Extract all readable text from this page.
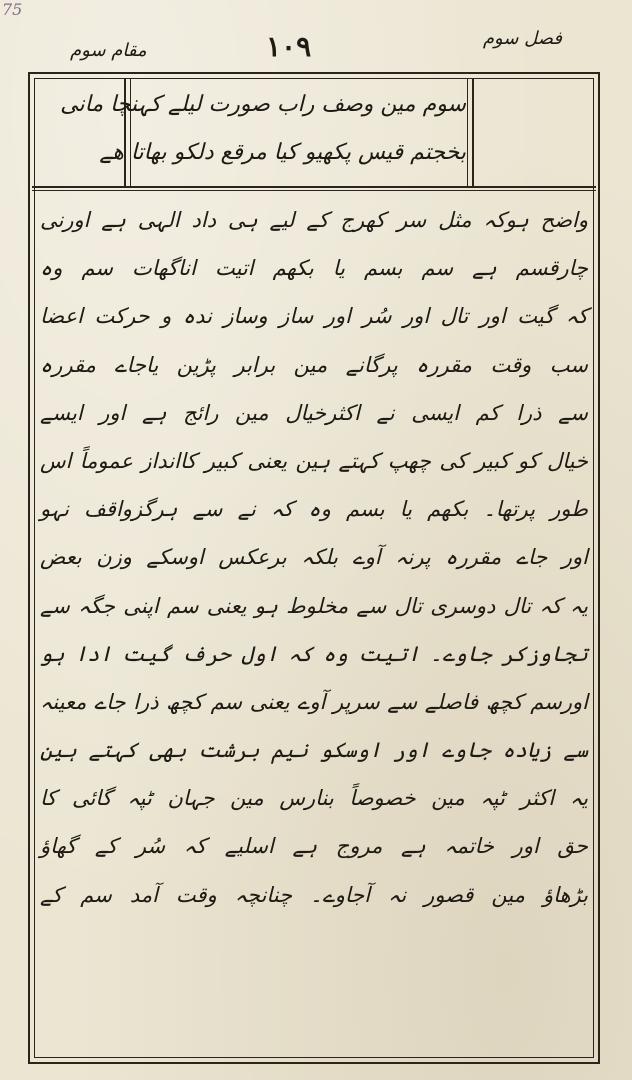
75
فصل سوم
١٠٩
مقام سوم
سوم مین وصف راب صورت لیلے کہنچا مانی
بخجتم قیس پکھیو کیا مرقع دلکو بھاتا ھے
واضح ہوکہ مثل سر کھرج کے لیے ہی داد الہی ہے اورنی
چارقسم ہے سم بسم یا بکھم اتیت اناگھات سم وہ
کہ گیت اور تال اور سُر اور ساز وساز ندہ و حرکت اعضا
سب وقت مقررہ پرگانے مین برابر پڑین یاجاے مقررہ
سے ذرا کم ایسی نے اکثرخیال مین رائج ہے اور ایسے
خیال کو کبیر کی چھپ کہتے ہین یعنی کبیر کاانداز عموماً اس
طور پرتھا۔ بکھم یا بسم وہ کہ نے سے ہرگزواقف نہو
اور جاے مقررہ پرنہ آوے بلکہ برعکس اوسکے وزن بعض
یہ کہ تال دوسری تال سے مخلوط ہو یعنی سم اپنی جگہ سے
تجاوزکر جاوے۔ اتیت وہ کہ اول حرف گیت ادا ہو
اورسم کچھ فاصلے سے سرپر آوے یعنی سم کچھ ذرا جاے معینہ
سے زیادہ جاوے اور اوسکو نیم برشت بھی کہتے ہین
یہ اکثر ٹپہ مین خصوصاً بنارس مین جہان ٹپہ گائی کا
حق اور خاتمہ ہے مروج ہے اسلیے کہ سُر کے گھاؤ
بڑھاؤ مین قصور نہ آجاوے۔ چنانچہ وقت آمد سم کے
